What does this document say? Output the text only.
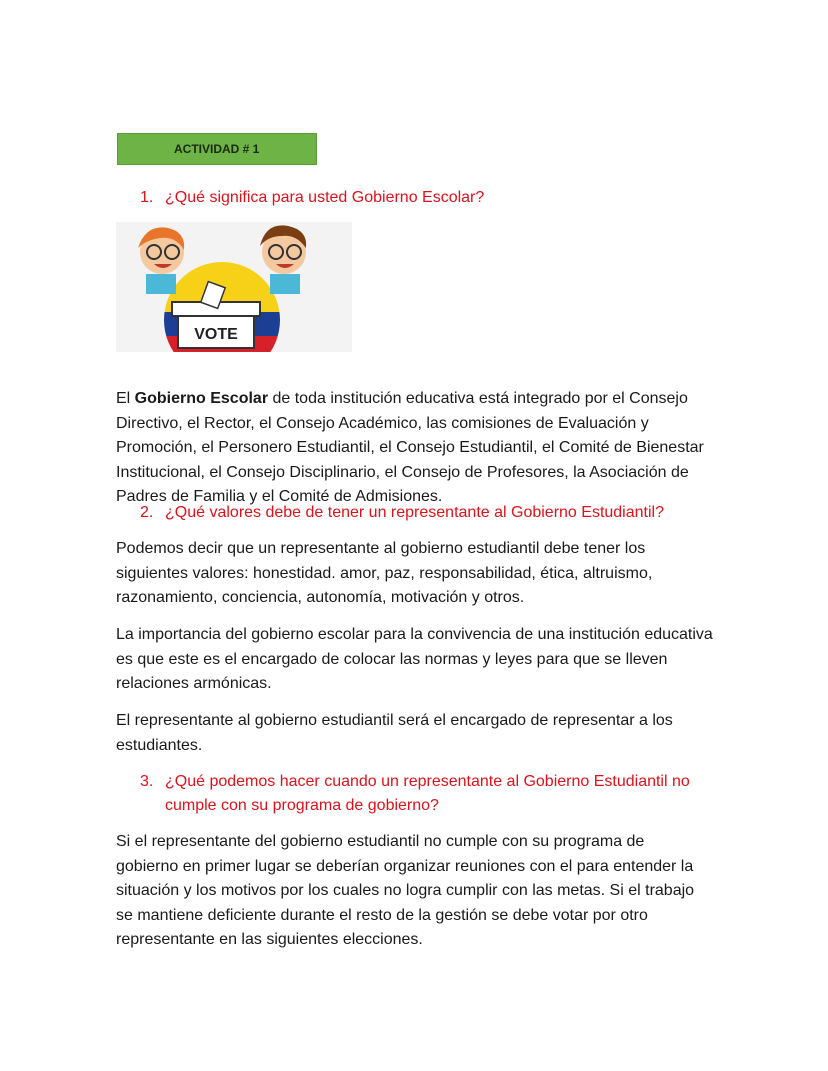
ACTIVIDAD # 1

1. ¿Qué significa para usted Gobierno Escolar?

VOTE

El Gobierno Escolar de toda institución educativa está integrado por el Consejo Directivo, el Rector, el Consejo Académico, las comisiones de Evaluación y Promoción, el Personero Estudiantil, el Consejo Estudiantil, el Comité de Bienestar Institucional, el Consejo Disciplinario, el Consejo de Profesores, la Asociación de Padres de Familia y el Comité de Admisiones.

2. ¿Qué valores debe de tener un representante al Gobierno Estudiantil?

Podemos decir que un representante al gobierno estudiantil debe tener los siguientes valores: honestidad. amor, paz, responsabilidad, ética, altruismo, razonamiento, conciencia, autonomía, motivación y otros.

La importancia del gobierno escolar para la convivencia de una institución educativa es que este es el encargado de colocar las normas y leyes para que se lleven relaciones armónicas.

El representante al gobierno estudiantil será el encargado de representar a los estudiantes.

3. ¿Qué podemos hacer cuando un representante al Gobierno Estudiantil no cumple con su programa de gobierno?

Si el representante del gobierno estudiantil no cumple con su programa de gobierno en primer lugar se deberían organizar reuniones con el para entender la situación y los motivos por los cuales no logra cumplir con las metas. Si el trabajo se mantiene deficiente durante el resto de la gestión se debe votar por otro representante en las siguientes elecciones.
